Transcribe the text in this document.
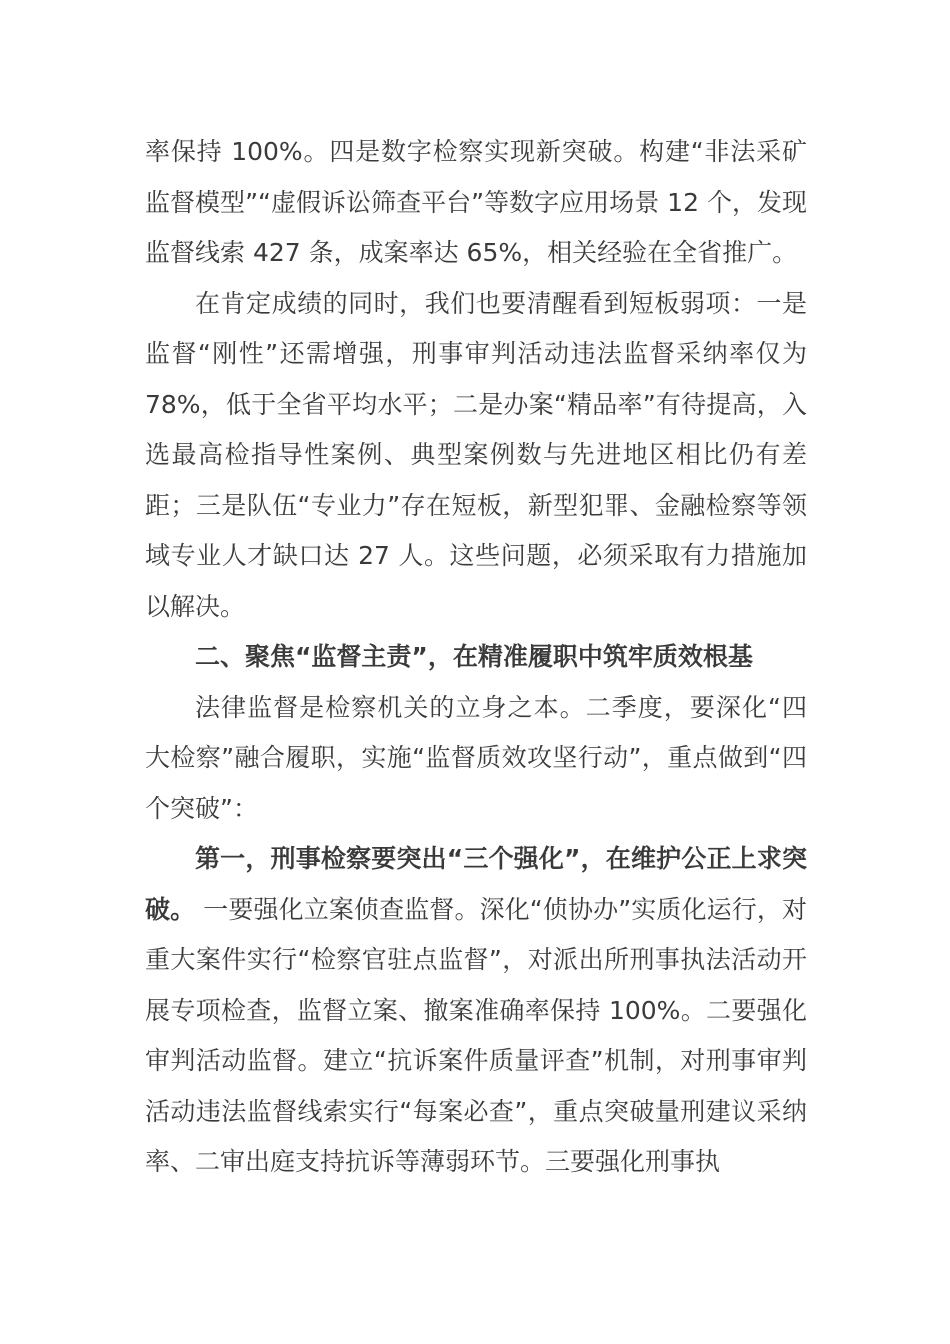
率保持 100%。四是数字检察实现新突破。构建“非法采矿监督模型”“虚假诉讼筛查平台”等数字应用场景 12 个，发现监督线索 427 条，成案率达 65%，相关经验在全省推广。

在肯定成绩的同时，我们也要清醒看到短板弱项：一是监督“刚性”还需增强，刑事审判活动违法监督采纳率仅为 78%，低于全省平均水平；二是办案“精品率”有待提高，入选最高检指导性案例、典型案例数与先进地区相比仍有差距；三是队伍“专业力”存在短板，新型犯罪、金融检察等领域专业人才缺口达 27 人。这些问题，必须采取有力措施加以解决。

二、聚焦“监督主责”，在精准履职中筑牢质效根基

法律监督是检察机关的立身之本。二季度，要深化“四大检察”融合履职，实施“监督质效攻坚行动”，重点做到“四个突破”：

第一，刑事检察要突出“三个强化”，在维护公正上求突破。 一要强化立案侦查监督。深化“侦协办”实质化运行，对重大案件实行“检察官驻点监督”，对派出所刑事执法活动开展专项检查，监督立案、撤案准确率保持 100%。二要强化审判活动监督。建立“抗诉案件质量评查”机制，对刑事审判活动违法监督线索实行“每案必查”，重点突破量刑建议采纳率、二审出庭支持抗诉等薄弱环节。三要强化刑事执
